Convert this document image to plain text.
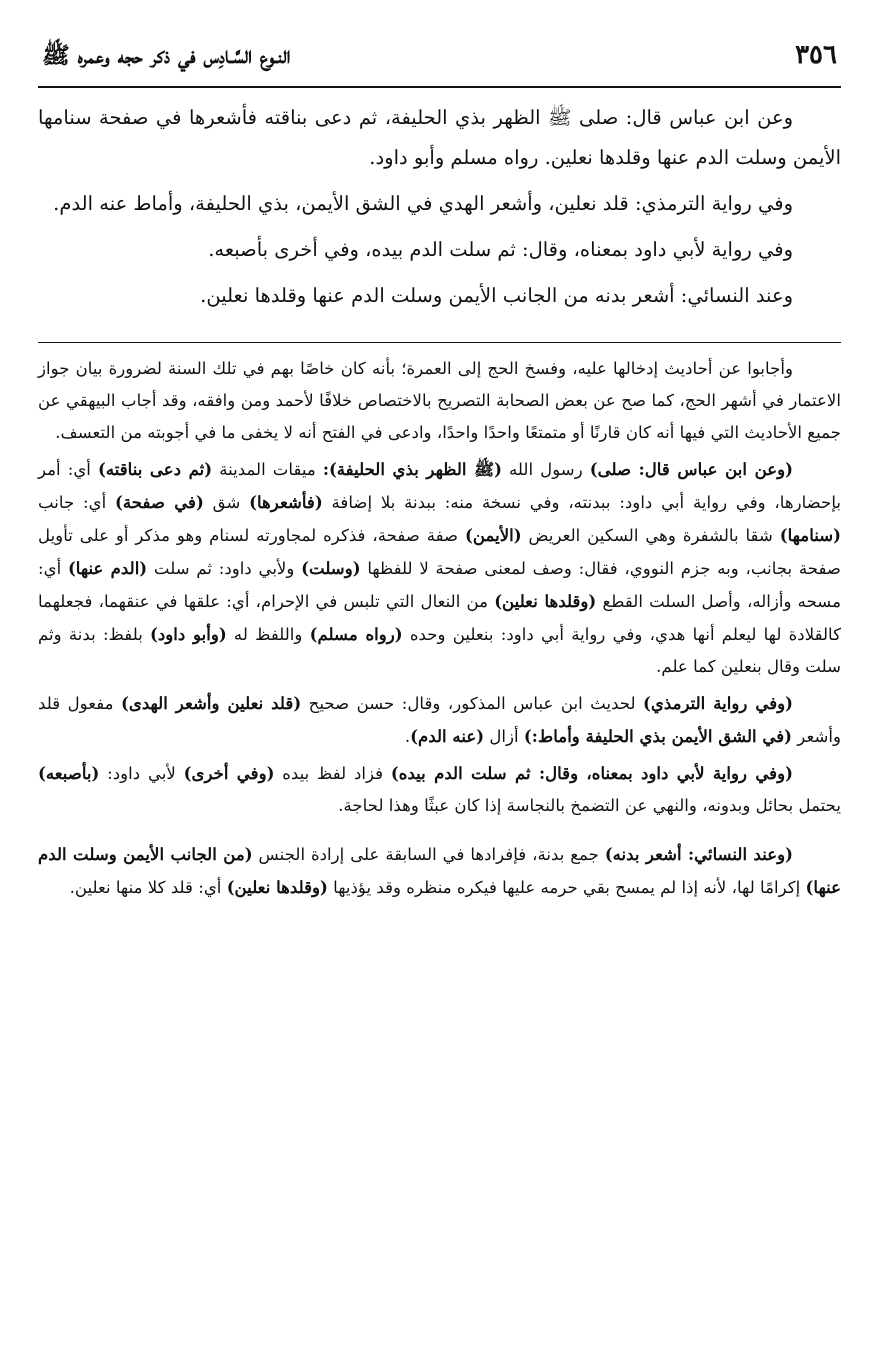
٣٥٦
النـوع السَّـادِس في ذكر حجه وعمره ﷺ

وعن ابن عباس قال: صلى ﷺ الظهر بذي الحليفة، ثم دعى بناقته فأشعرها في صفحة سنامها الأيمن وسلت الدم عنها وقلدها نعلين. رواه مسلم وأبو داود.

وفي رواية الترمذي: قلد نعلين، وأشعر الهدي في الشق الأيمن، بذي الحليفة، وأماط عنه الدم.

وفي رواية لأبي داود بمعناه، وقال: ثم سلت الدم بيده، وفي أخرى بأصبعه.

وعند النسائي: أشعر بدنه من الجانب الأيمن وسلت الدم عنها وقلدها نعلين.

وأجابوا عن أحاديث إدخالها عليه، وفسخ الحج إلى العمرة؛ بأنه كان خاصًا بهم في تلك السنة لضرورة بيان جواز الاعتمار في أشهر الحج، كما صح عن بعض الصحابة التصريح بالاختصاص خلافًا لأحمد ومن وافقه، وقد أجاب البيهقي عن جميع الأحاديث التي فيها أنه كان قارنًا أو متمتعًا واحدًا واحدًا، وادعى في الفتح أنه لا يخفى ما في أجوبته من التعسف.

(وعن ابن عباس قال: صلى) رسول الله (ﷺ الظهر بذي الحليفة): ميقات المدينة (ثم دعى بناقته) أي: أمر بإحضارها، وفي رواية أبي داود: ببدنته، وفي نسخة منه: ببدنة بلا إضافة (فأشعرها) شق (في صفحة) أي: جانب (سنامها) شقا بالشفرة وهي السكين العريض (الأيمن) صفة صفحة، فذكره لمجاورته لسنام وهو مذكر أو على تأويل صفحة بجانب، وبه جزم النووي، فقال: وصف لمعنى صفحة لا للفظها (وسلت) ولأبي داود: ثم سلت (الدم عنها) أي: مسحه وأزاله، وأصل السلت القطع (وقلدها نعلين) من النعال التي تلبس في الإحرام، أي: علقها في عنقهما، فجعلهما كالقلادة لها ليعلم أنها هدي، وفي رواية أبي داود: بنعلين وحده (رواه مسلم) واللفظ له (وأبو داود) بلفظ: بدنة وثم سلت وقال بنعلين كما علم.

(وفي رواية الترمذي) لحديث ابن عباس المذكور، وقال: حسن صحيح (قلد نعلين وأشعر الهدى) مفعول قلد وأشعر (في الشق الأيمن بذي الحليفة وأماط:) أزال (عنه الدم).

(وفي رواية لأبي داود بمعناه، وقال: ثم سلت الدم بيده) فزاد لفظ بيده (وفي أخرى) لأبي داود: (بأصبعه) يحتمل بحائل وبدونه، والنهي عن التضمخ بالنجاسة إذا كان عبثًا وهذا لحاجة.

(وعند النسائي: أشعر بدنه) جمع بدنة، فإفرادها في السابقة على إرادة الجنس (من الجانب الأيمن وسلت الدم عنها) إكرامًا لها، لأنه إذا لم يمسح بقي حرمه عليها فيكره منظره وقد يؤذيها (وقلدها نعلين) أي: قلد كلا منها نعلين.
